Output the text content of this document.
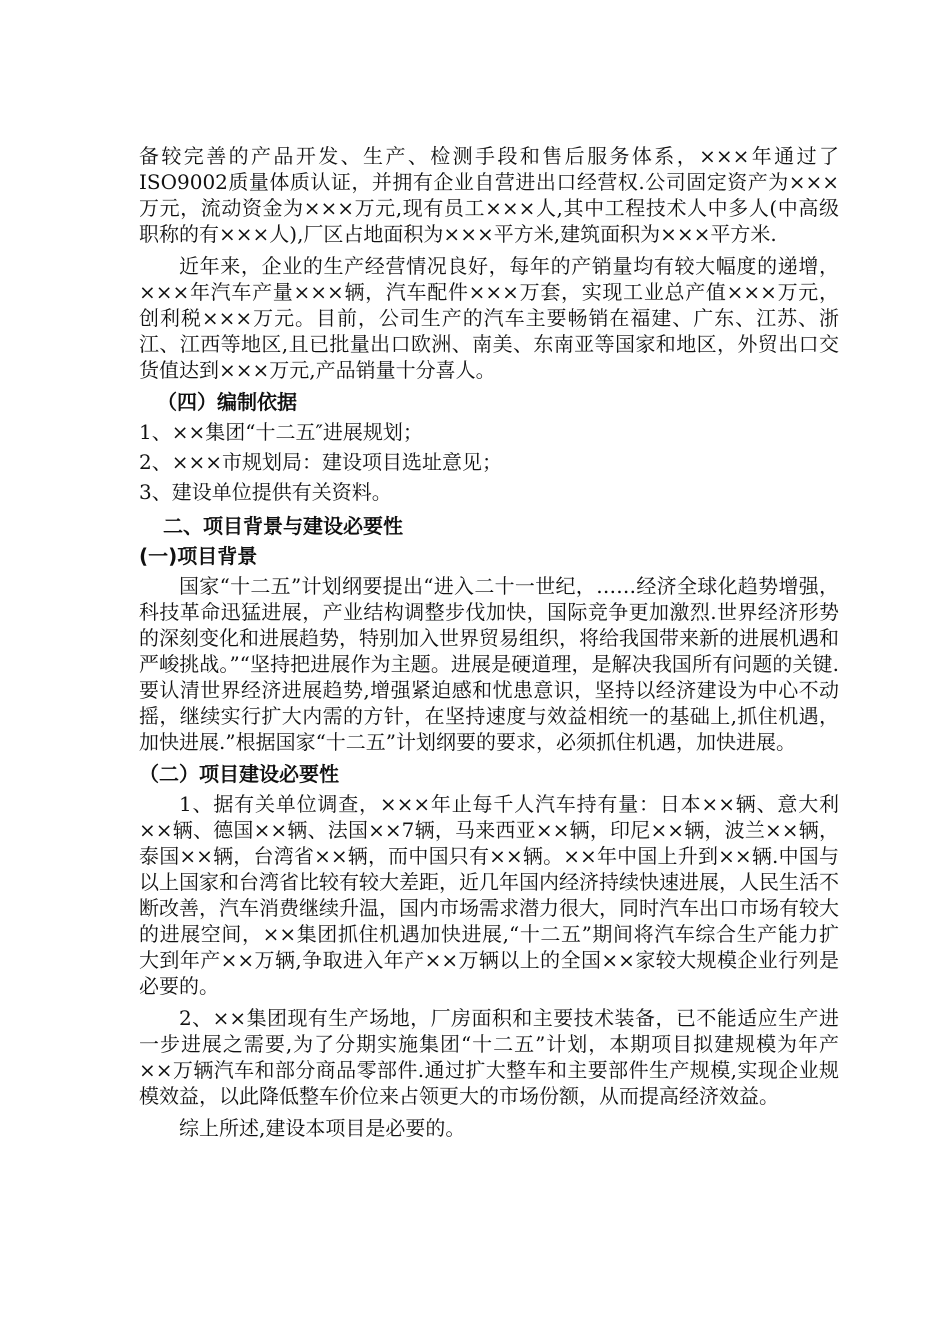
备较完善的产品开发、生产、检测手段和售后服务体系，×××年通过了ISO9002质量体质认证，并拥有企业自营进出口经营权.公司固定资产为×××万元，流动资金为×××万元,现有员工×××人,其中工程技术人中多人(中高级职称的有×××人),厂区占地面积为×××平方米,建筑面积为×××平方米.

近年来，企业的生产经营情况良好，每年的产销量均有较大幅度的递增，×××年汽车产量×××辆，汽车配件×××万套，实现工业总产值×××万元，创利税×××万元。目前，公司生产的汽车主要畅销在福建、广东、江苏、浙江、江西等地区,且已批量出口欧洲、南美、东南亚等国家和地区，外贸出口交货值达到×××万元,产品销量十分喜人。

（四）编制依据

1、××集团“十二五″进展规划；

2、×××市规划局：建设项目选址意见；

3、建设单位提供有关资料。

二、项目背景与建设必要性
(一)项目背景

国家“十二五”计划纲要提出“进入二十一世纪，……经济全球化趋势增强，科技革命迅猛进展，产业结构调整步伐加快，国际竞争更加激烈.世界经济形势的深刻变化和进展趋势，特别加入世界贸易组织，将给我国带来新的进展机遇和严峻挑战。”“坚持把进展作为主题。进展是硬道理，是解决我国所有问题的关键.要认清世界经济进展趋势,增强紧迫感和忧患意识，坚持以经济建设为中心不动摇，继续实行扩大内需的方针，在坚持速度与效益相统一的基础上,抓住机遇，加快进展.”根据国家“十二五”计划纲要的要求，必须抓住机遇，加快进展。

（二）项目建设必要性

1、据有关单位调查，×××年止每千人汽车持有量：日本××辆、意大利××辆、德国××辆、法国××7辆，马来西亚××辆，印尼××辆，波兰××辆，泰国××辆，台湾省××辆，而中国只有××辆。××年中国上升到××辆.中国与以上国家和台湾省比较有较大差距，近几年国内经济持续快速进展，人民生活不断改善，汽车消费继续升温，国内市场需求潜力很大，同时汽车出口市场有较大的进展空间，××集团抓住机遇加快进展,“十二五”期间将汽车综合生产能力扩大到年产××万辆,争取进入年产××万辆以上的全国××家较大规模企业行列是必要的。

2、××集团现有生产场地，厂房面积和主要技术装备，已不能适应生产进一步进展之需要,为了分期实施集团“十二五”计划，本期项目拟建规模为年产××万辆汽车和部分商品零部件.通过扩大整车和主要部件生产规模,实现企业规模效益，以此降低整车价位来占领更大的市场份额，从而提高经济效益。

综上所述,建设本项目是必要的。
